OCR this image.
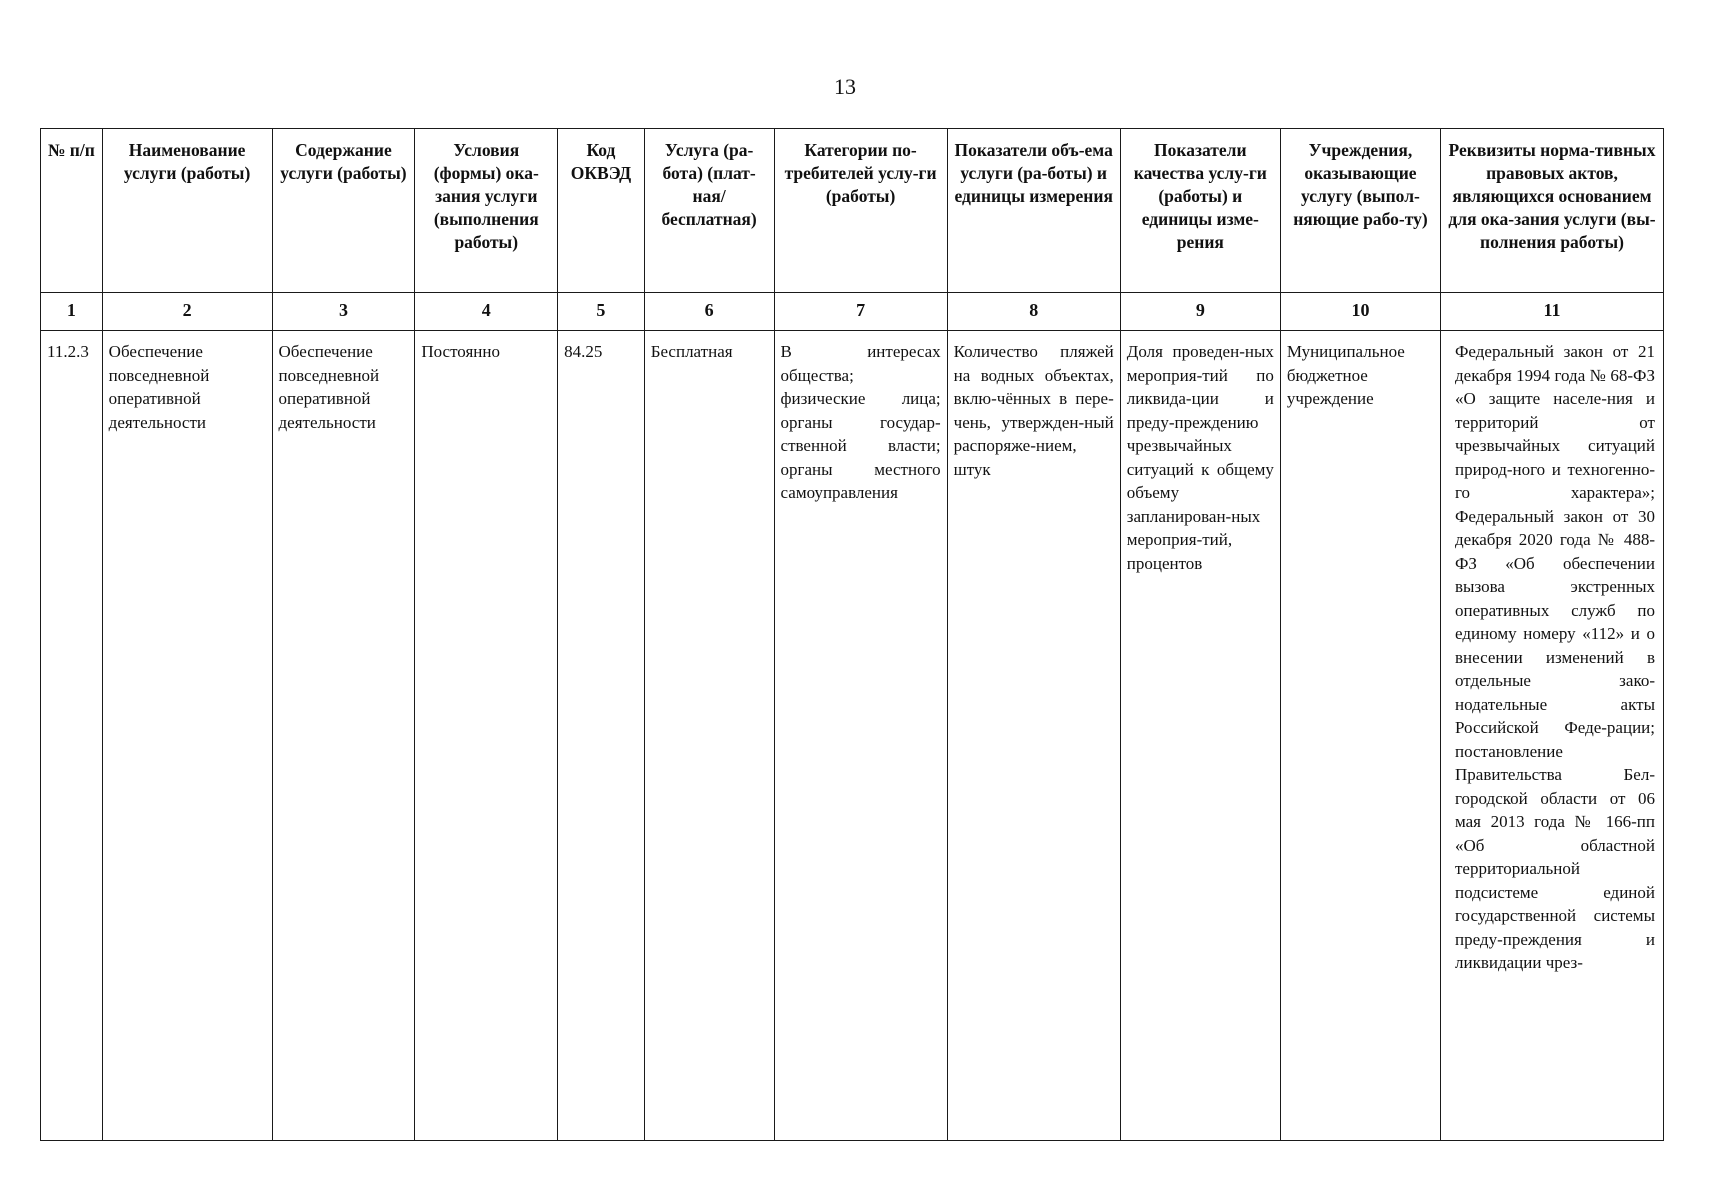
13
№ п/п	Наименование услуги (работы)	Содержание услуги (работы)	Условия (формы) ока-зания услуги (выполнения работы)	Код ОКВЭД	Услуга (ра-бота) (плат-ная/ бесплатная)	Категории по-требителей услу-ги (работы)	Показатели объ-ема услуги (ра-боты) и единицы измерения	Показатели качества услу-ги (работы) и единицы изме-рения	Учреждения, оказывающие услугу (выпол-няющие рабо-ту)	Реквизиты норма-тивных правовых актов, являющихся основанием для ока-зания услуги (вы-полнения работы)
1	2	3	4	5	6	7	8	9	10	11
11.2.3	Обеспечение повседневной оперативной деятельности	Обеспечение повседневной оперативной деятельности	Постоянно	84.25	Бесплатная	В интересах общества; физические лица; органы государ-ственной власти; органы местного самоуправления	Количество пляжей на водных объектах, вклю-чённых в пере-чень, утвержден-ный распоряже-нием, штук	Доля проведен-ных мероприя-тий по ликвида-ции и преду-преждению чрезвычайных ситуаций к общему объему запланирован-ных мероприя-тий, процентов	Муниципальное бюджетное учреждение	Федеральный закон от 21 декабря 1994 года № 68-ФЗ «О защите населе-ния и территорий от чрезвычайных ситуаций природ-ного и техногенно-го характера»; Федеральный закон от 30 декабря 2020 года № 488-ФЗ «Об обеспечении вызова экстренных оперативных служб по единому номеру «112» и о внесении изменений в отдельные зако-нодательные акты Российской Феде-рации; постановление Правительства Бел-городской области от 06 мая 2013 года № 166-пп «Об областной территориальной подсистеме единой государственной системы преду-преждения и ликвидации чрез-
